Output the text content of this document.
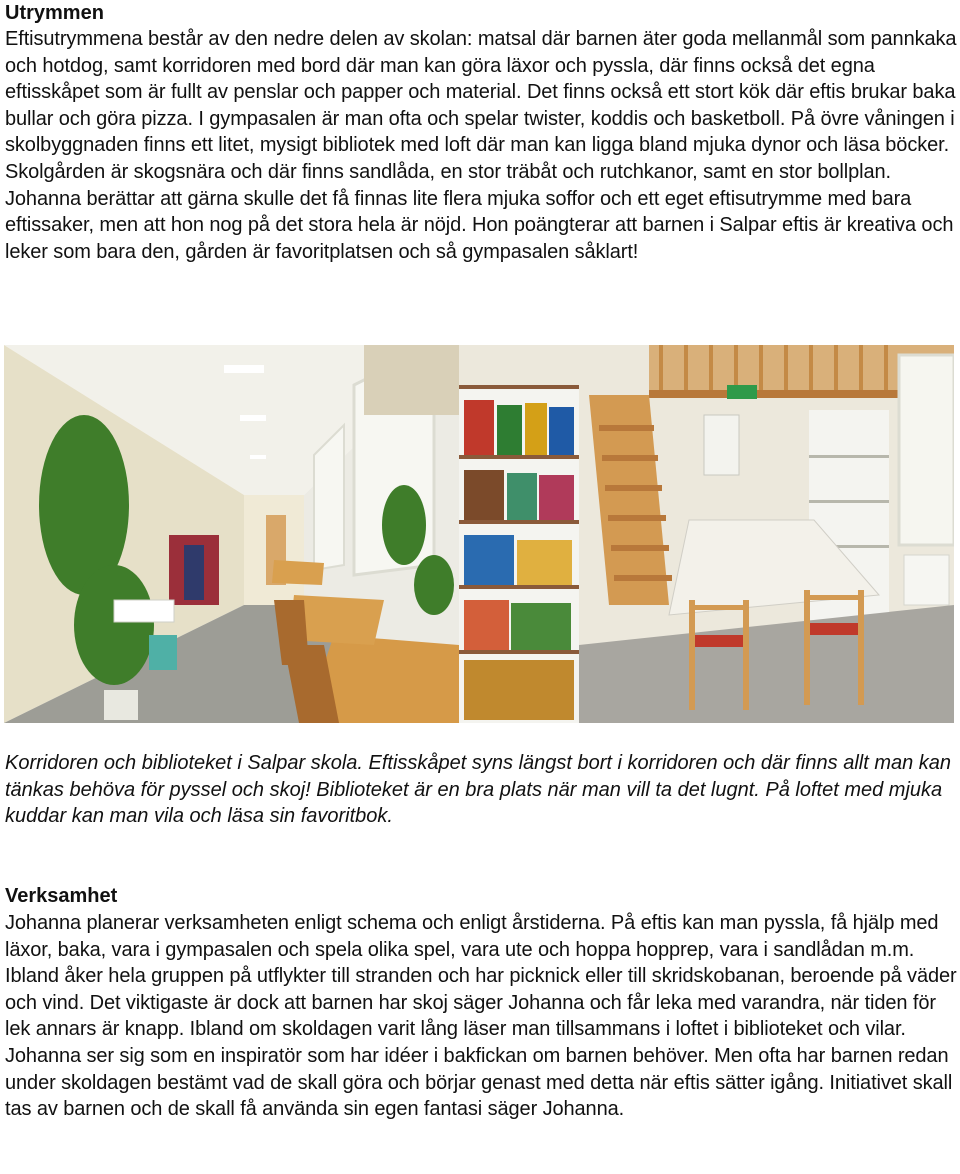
Utrymmen

Eftisutrymmena består av den nedre delen av skolan: matsal där barnen äter goda mellanmål som pannkaka och hotdog, samt korridoren med bord där man kan göra läxor och pyssla, där finns också det egna eftisskåpet som är fullt av penslar och papper och material. Det finns också ett stort kök där eftis brukar baka bullar och göra pizza. I gympasalen är man ofta och spelar twister, koddis och basketboll. På övre våningen i skolbyggnaden finns ett litet, mysigt bibliotek med loft där man kan ligga bland mjuka dynor och läsa böcker. Skolgården är skogsnära och där finns sandlåda, en stor träbåt och rutchkanor, samt en stor bollplan. Johanna berättar att gärna skulle det få finnas lite flera mjuka soffor och ett eget eftisutrymme med bara eftissaker, men att hon nog på det stora hela är nöjd. Hon poängterar att barnen i Salpar eftis är kreativa och leker som bara den, gården är favoritplatsen och så gympasalen såklart!

Korridoren och biblioteket i Salpar skola. Eftisskåpet syns längst bort i korridoren och där finns allt man kan tänkas behöva för pyssel och skoj! Biblioteket är en bra plats när man vill ta det lugnt. På loftet med mjuka kuddar kan man vila och läsa sin favoritbok.

Verksamhet

Johanna planerar verksamheten enligt schema och enligt årstiderna. På eftis kan man pyssla, få hjälp med läxor, baka, vara i gympasalen och spela olika spel, vara ute och hoppa hopprep, vara i sandlådan m.m. Ibland åker hela gruppen på utflykter till stranden och har picknick eller till skridskobanan, beroende på väder och vind. Det viktigaste är dock att barnen har skoj säger Johanna och får leka med varandra, när tiden för lek annars är knapp. Ibland om skoldagen varit lång läser man tillsammans i loftet i biblioteket och vilar. Johanna ser sig som en inspiratör som har idéer i bakfickan om barnen behöver. Men ofta har barnen redan under skoldagen bestämt vad de skall göra och börjar genast med detta när eftis sätter igång. Initiativet skall tas av barnen och de skall få använda sin egen fantasi säger Johanna.
